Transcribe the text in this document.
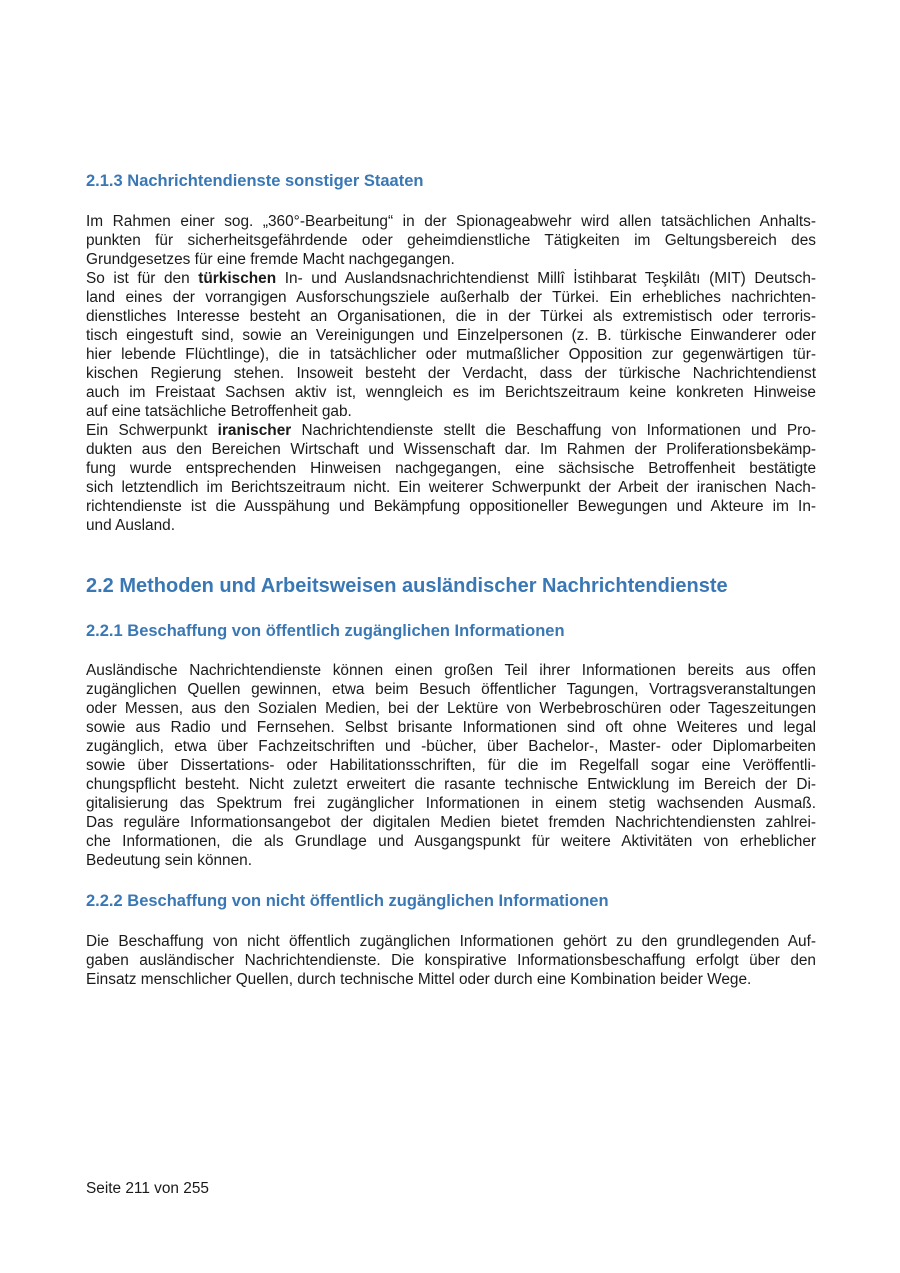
2.1.3 Nachrichtendienste sonstiger Staaten
Im Rahmen einer sog. „360°-Bearbeitung“ in der Spionageabwehr wird allen tatsächlichen Anhalts-
punkten für sicherheitsgefährdende oder geheimdienstliche Tätigkeiten im Geltungsbereich des
Grundgesetzes für eine fremde Macht nachgegangen.
So ist für den türkischen In- und Auslandsnachrichtendienst Millî İstihbarat Teşkilâtı (MIT) Deutsch-
land eines der vorrangigen Ausforschungsziele außerhalb der Türkei. Ein erhebliches nachrichten-
dienstliches Interesse besteht an Organisationen, die in der Türkei als extremistisch oder terroris-
tisch eingestuft sind, sowie an Vereinigungen und Einzelpersonen (z. B. türkische Einwanderer oder
hier lebende Flüchtlinge), die in tatsächlicher oder mutmaßlicher Opposition zur gegenwärtigen tür-
kischen Regierung stehen. Insoweit besteht der Verdacht, dass der türkische Nachrichtendienst
auch im Freistaat Sachsen aktiv ist, wenngleich es im Berichtszeitraum keine konkreten Hinweise
auf eine tatsächliche Betroffenheit gab.
Ein Schwerpunkt iranischer Nachrichtendienste stellt die Beschaffung von Informationen und Pro-
dukten aus den Bereichen Wirtschaft und Wissenschaft dar. Im Rahmen der Proliferationsbekämp-
fung wurde entsprechenden Hinweisen nachgegangen, eine sächsische Betroffenheit bestätigte
sich letztendlich im Berichtszeitraum nicht. Ein weiterer Schwerpunkt der Arbeit der iranischen Nach-
richtendienste ist die Ausspähung und Bekämpfung oppositioneller Bewegungen und Akteure im In-
und Ausland.
2.2 Methoden und Arbeitsweisen ausländischer Nachrichtendienste
2.2.1 Beschaffung von öffentlich zugänglichen Informationen
Ausländische Nachrichtendienste können einen großen Teil ihrer Informationen bereits aus offen
zugänglichen Quellen gewinnen, etwa beim Besuch öffentlicher Tagungen, Vortragsveranstaltungen
oder Messen, aus den Sozialen Medien, bei der Lektüre von Werbebroschüren oder Tageszeitungen
sowie aus Radio und Fernsehen. Selbst brisante Informationen sind oft ohne Weiteres und legal
zugänglich, etwa über Fachzeitschriften und -bücher, über Bachelor-, Master- oder Diplomarbeiten
sowie über Dissertations- oder Habilitationsschriften, für die im Regelfall sogar eine Veröffentli-
chungspflicht besteht. Nicht zuletzt erweitert die rasante technische Entwicklung im Bereich der Di-
gitalisierung das Spektrum frei zugänglicher Informationen in einem stetig wachsenden Ausmaß.
Das reguläre Informationsangebot der digitalen Medien bietet fremden Nachrichtendiensten zahlrei-
che Informationen, die als Grundlage und Ausgangspunkt für weitere Aktivitäten von erheblicher
Bedeutung sein können.
2.2.2 Beschaffung von nicht öffentlich zugänglichen Informationen
Die Beschaffung von nicht öffentlich zugänglichen Informationen gehört zu den grundlegenden Auf-
gaben ausländischer Nachrichtendienste. Die konspirative Informationsbeschaffung erfolgt über den
Einsatz menschlicher Quellen, durch technische Mittel oder durch eine Kombination beider Wege.
Seite 211 von 255
